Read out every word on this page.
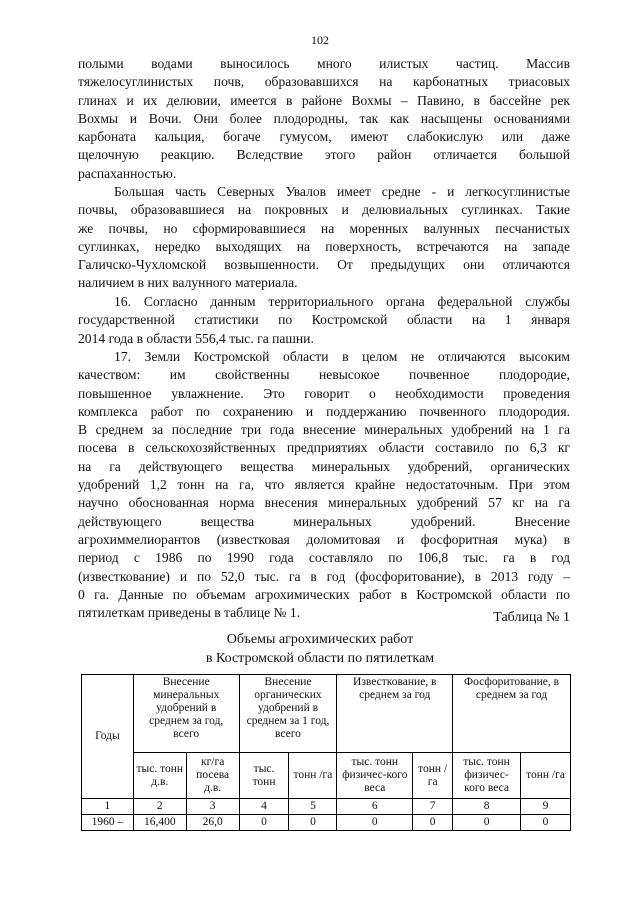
102
полыми водами выносилось много илистых частиц. Массив
тяжелосуглинистых почв, образовавшихся на карбонатных триасовых
глинах и их делювии, имеется в районе Вохмы – Павино, в бассейне рек
Вохмы и Вочи. Они более плодородны, так как насыщены основаниями
карбоната кальция, богаче гумусом, имеют слабокислую или даже
щелочную реакцию. Вследствие этого район отличается большой
распаханностью.
Большая часть Северных Увалов имеет средне - и легкосуглинистые
почвы, образовавшиеся на покровных и делювиальных суглинках. Такие
же почвы, но сформировавшиеся на моренных валунных песчанистых
суглинках, нередко выходящих на поверхность, встречаются на западе
Галичско-Чухломской возвышенности. От предыдущих они отличаются
наличием в них валунного материала.
16. Согласно данным территориального органа федеральной службы
государственной статистики по Костромской области на 1 января
2014 года в области 556,4 тыс. га пашни.
17. Земли Костромской области в целом не отличаются высоким
качеством: им свойственны невысокое почвенное плодородие,
повышенное увлажнение. Это говорит о необходимости проведения
комплекса работ по сохранению и поддержанию почвенного плодородия.
В среднем за последние три года внесение минеральных удобрений на 1 га
посева в сельскохозяйственных предприятиях области составило по 6,3 кг
на га действующего вещества минеральных удобрений, органических
удобрений 1,2 тонн на га, что является крайне недостаточным. При этом
научно обоснованная норма внесения минеральных удобрений 57 кг на га
действующего вещества минеральных удобрений. Внесение
агрохиммелиорантов (известковая доломитовая и фосфоритная мука) в
период с 1986 по 1990 года составляло по 106,8 тыс. га в год
(известкование) и по 52,0 тыс. га в год (фосфоритование), в 2013 году –
0 га. Данные по объемам агрохимических работ в Костромской области по
пятилеткам приведены в таблице № 1.	Таблица № 1
Объемы агрохимических работ
в Костромской области по пятилеткам
Годы	Внесение минеральных удобрений в среднем за год, всего		Внесение органических удобрений в среднем за 1 год, всего		Известкование, в среднем за год		Фосфоритование, в среднем за год	
	тыс. тонн д.в.	кг/га посева д.в.	тыс. тонн	тонн /га	тыс. тонн физичес-кого веса	тонн /га	тыс. тонн физичес-кого веса	тонн /га
1	2	3	4	5	6	7	8	9
1960 –	16,400	26,0	0	0	0	0	0	0
